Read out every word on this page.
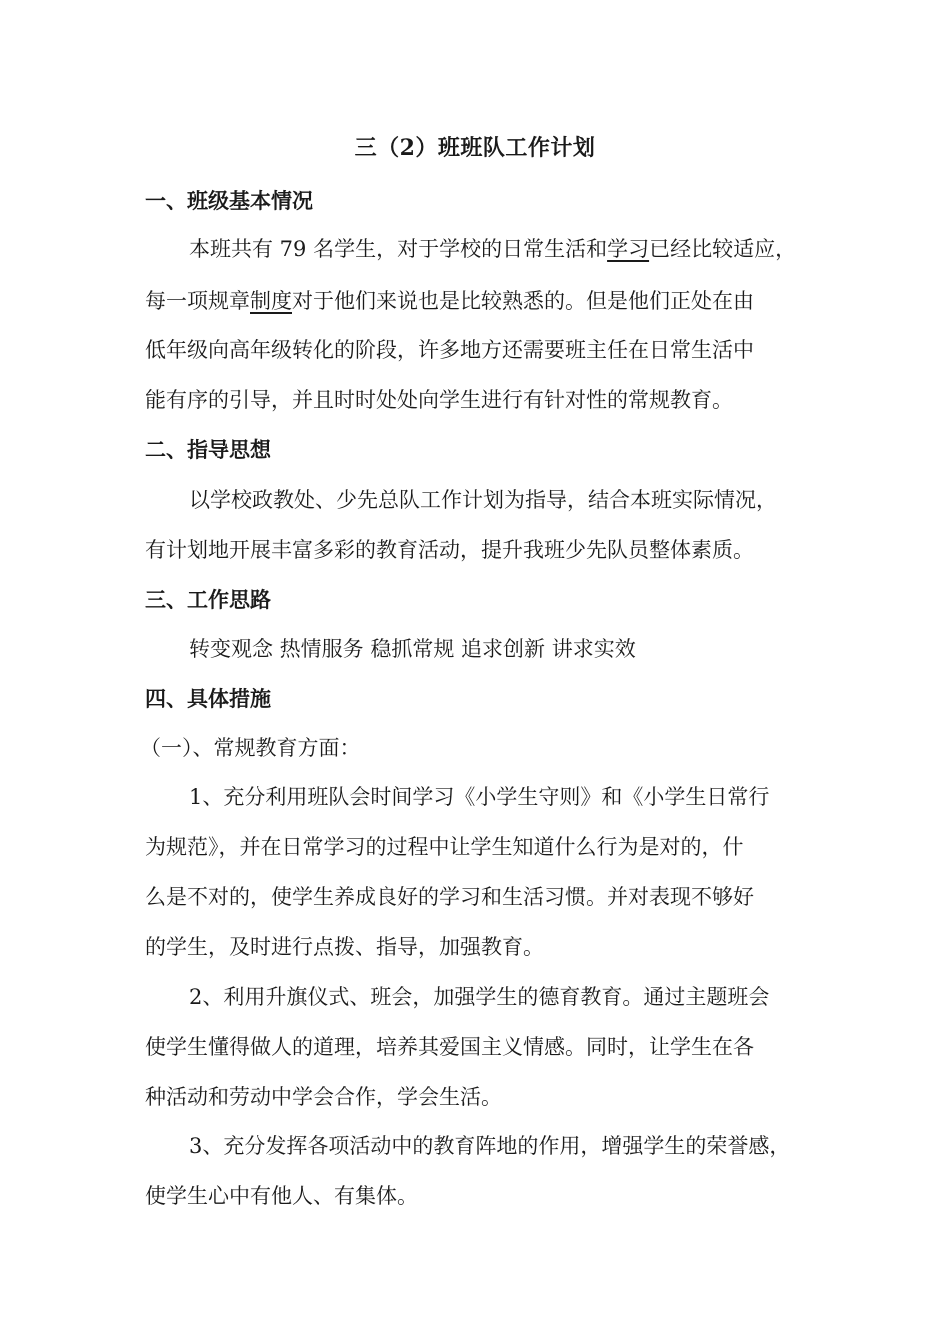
三（2）班班队工作计划
一、班级基本情况
本班共有 79 名学生，对于学校的日常生活和学习已经比较适应，
每一项规章制度对于他们来说也是比较熟悉的。但是他们正处在由
低年级向高年级转化的阶段，许多地方还需要班主任在日常生活中
能有序的引导，并且时时处处向学生进行有针对性的常规教育。
二、指导思想
以学校政教处、少先总队工作计划为指导，结合本班实际情况，
有计划地开展丰富多彩的教育活动，提升我班少先队员整体素质。
三、工作思路
转变观念 热情服务 稳抓常规 追求创新 讲求实效
四、具体措施
（一）、常规教育方面：
1、充分利用班队会时间学习《小学生守则》和《小学生日常行
为规范》，并在日常学习的过程中让学生知道什么行为是对的，什
么是不对的，使学生养成良好的学习和生活习惯。并对表现不够好
的学生，及时进行点拨、指导，加强教育。
2、利用升旗仪式、班会，加强学生的德育教育。通过主题班会
使学生懂得做人的道理，培养其爱国主义情感。同时，让学生在各
种活动和劳动中学会合作，学会生活。
3、充分发挥各项活动中的教育阵地的作用，增强学生的荣誉感，
使学生心中有他人、有集体。
